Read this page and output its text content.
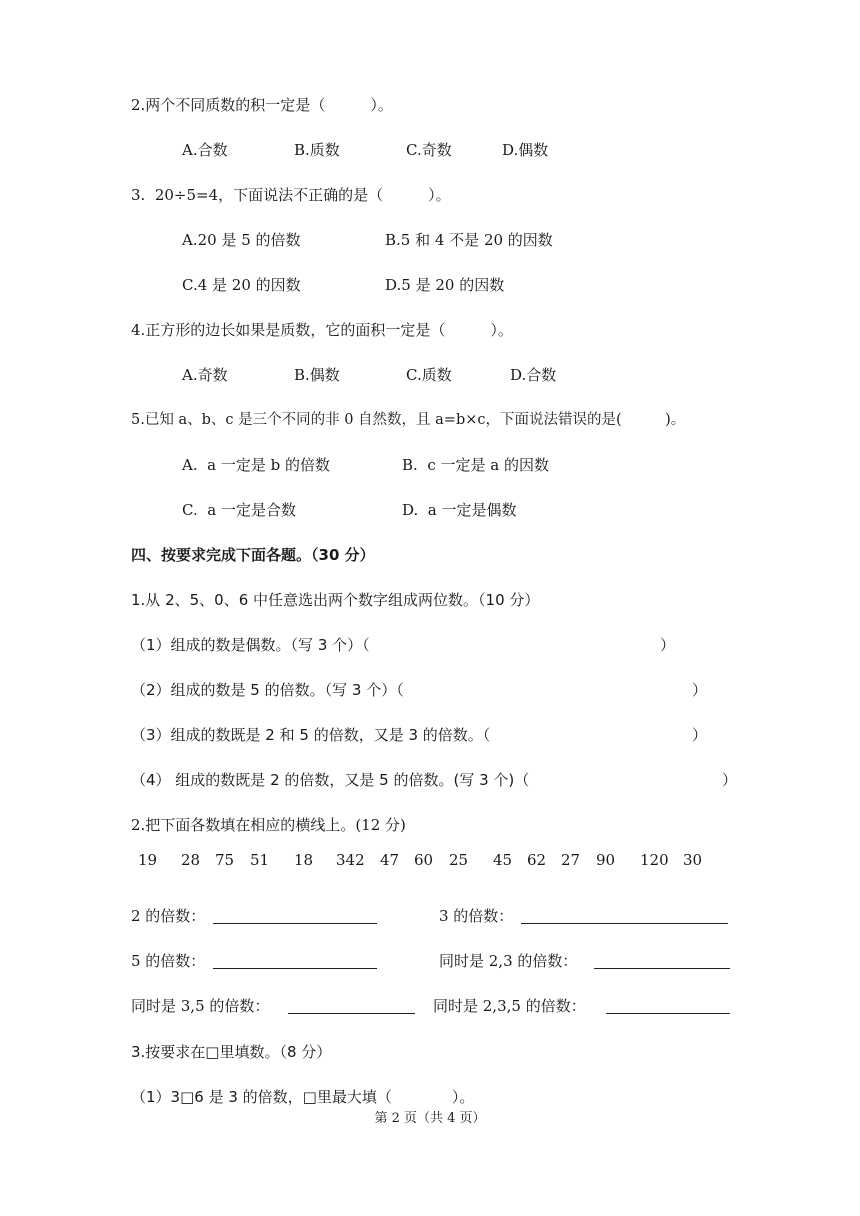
2.两个不同质数的积一定是（　　　）。
A.合数	B.质数	C.奇数	D.偶数
3.  20÷5=4，下面说法不正确的是（　　　）。
A.20 是 5 的倍数	B.5 和 4 不是 20 的因数
C.4 是 20 的因数	D.5 是 20 的因数
4.正方形的边长如果是质数，它的面积一定是（　　　）。
A.奇数	B.偶数	C.质数	D.合数
5.已知 a、b、c 是三个不同的非 0 自然数，且 a=b×c，下面说法错误的是(　　　)。
A.  a 一定是 b 的倍数	B.  c 一定是 a 的因数
C.  a 一定是合数	D.  a 一定是偶数
四、按要求完成下面各题。（30 分）
1.从 2、5、0、6 中任意选出两个数字组成两位数。（10 分）
（1）组成的数是偶数。（写 3 个）（	）
（2）组成的数是 5 的倍数。（写 3 个）（	）
（3）组成的数既是 2 和 5 的倍数，又是 3 的倍数。（	）
（4） 组成的数既是 2 的倍数，又是 5 的倍数。(写 3 个)（	）
2.把下面各数填在相应的横线上。(12 分)
19 28 75 51 18 342 47 60 25 45 62 27 90 120 30
2 的倍数：	3 的倍数：
5 的倍数：	同时是 2,3 的倍数：
同时是 3,5 的倍数：	同时是 2,3,5 的倍数：
3.按要求在□里填数。（8 分）
（1）3□6 是 3 的倍数，□里最大填（　　　　）。
第 2 页（共 4 页）
